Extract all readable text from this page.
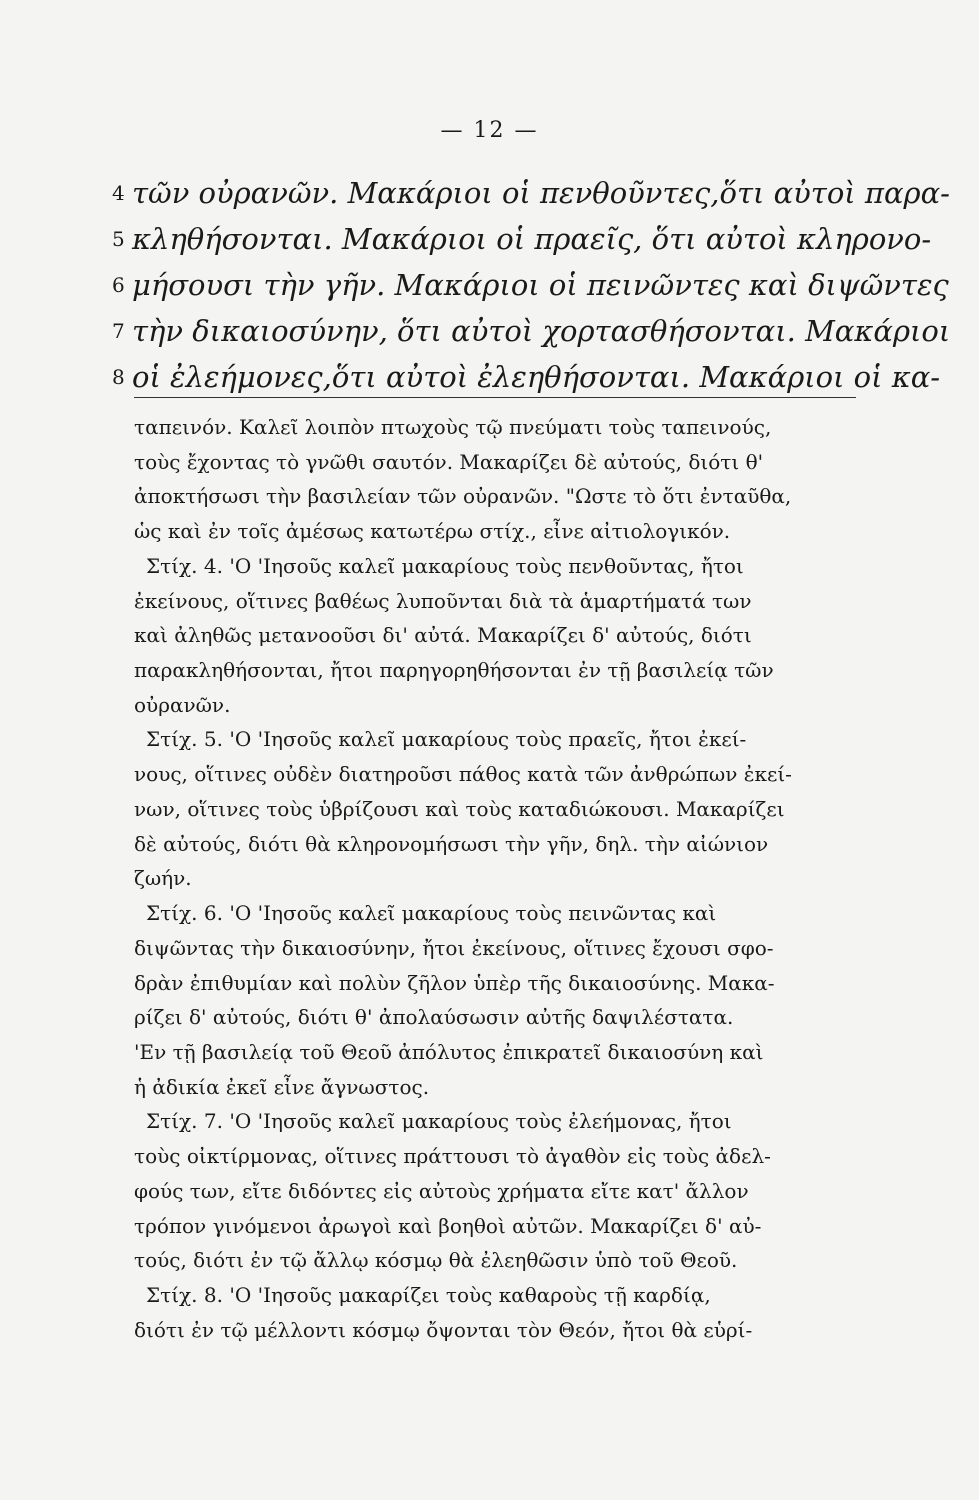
— 12 —
4 τῶν οὐρανῶν. Μακάριοι οἱ πενθοῦντες,ὅτι αὐτοὶ παρα-
5 κληθήσονται. Μακάριοι οἱ πραεῖς, ὅτι αὐτοὶ κληρονο-
6 μήσουσι τὴν γῆν. Μακάριοι οἱ πεινῶντες καὶ διψῶντες
7 τὴν δικαιοσύνην, ὅτι αὐτοὶ χορτασθήσονται. Μακάριοι
8 οἱ ἐλεήμονες,ὅτι αὐτοὶ ἐλεηθήσονται. Μακάριοι οἱ κα-
ταπεινόν. Καλεῖ λοιπὸν πτωχοὺς τῷ πνεύματι τοὺς ταπεινούς,
τοὺς ἔχοντας τὸ γνῶθι σαυτόν. Μακαρίζει δὲ αὐτούς, διότι θ'
ἀποκτήσωσι τὴν βασιλείαν τῶν οὐρανῶν. "Ωστε τὸ ὅτι ἐνταῦθα,
ὡς καὶ ἐν τοῖς ἀμέσως κατωτέρω στίχ., εἶνε αἰτιολογικόν.
Στίχ. 4. 'Ο 'Ιησοῦς καλεῖ μακαρίους τοὺς πενθοῦντας, ἤτοι
ἐκείνους, οἵτινες βαθέως λυποῦνται διὰ τὰ ἁμαρτήματά των
καὶ ἀληθῶς μετανοοῦσι δι' αὐτά. Μακαρίζει δ' αὐτούς, διότι
παρακληθήσονται, ἤτοι παρηγορηθήσονται ἐν τῇ βασιλείᾳ τῶν
οὐρανῶν.
Στίχ. 5. 'Ο 'Ιησοῦς καλεῖ μακαρίους τοὺς πραεῖς, ἤτοι ἐκεί-
νους, οἵτινες οὐδὲν διατηροῦσι πάθος κατὰ τῶν ἀνθρώπων ἐκεί-
νων, οἵτινες τοὺς ὑβρίζουσι καὶ τοὺς καταδιώκουσι. Μακαρίζει
δὲ αὐτούς, διότι θὰ κληρονομήσωσι τὴν γῆν, δηλ. τὴν αἰώνιον
ζωήν.
Στίχ. 6. 'Ο 'Ιησοῦς καλεῖ μακαρίους τοὺς πεινῶντας καὶ
διψῶντας τὴν δικαιοσύνην, ἤτοι ἐκείνους, οἵτινες ἔχουσι σφο-
δρὰν ἐπιθυμίαν καὶ πολὺν ζῆλον ὑπὲρ τῆς δικαιοσύνης. Μακα-
ρίζει δ' αὐτούς, διότι θ' ἀπολαύσωσιν αὐτῆς δαψιλέστατα.
'Εν τῇ βασιλείᾳ τοῦ Θεοῦ ἀπόλυτος ἐπικρατεῖ δικαιοσύνη καὶ
ἡ ἀδικία ἐκεῖ εἶνε ἄγνωστος.
Στίχ. 7. 'Ο 'Ιησοῦς καλεῖ μακαρίους τοὺς ἐλεήμονας, ἤτοι
τοὺς οἰκτίρμονας, οἵτινες πράττουσι τὸ ἀγαθὸν εἰς τοὺς ἀδελ-
φούς των, εἴτε διδόντες εἰς αὐτοὺς χρήματα εἴτε κατ' ἄλλον
τρόπον γινόμενοι ἀρωγοὶ καὶ βοηθοὶ αὐτῶν. Μακαρίζει δ' αὐ-
τούς, διότι ἐν τῷ ἄλλῳ κόσμῳ θὰ ἐλεηθῶσιν ὑπὸ τοῦ Θεοῦ.
Στίχ. 8. 'Ο 'Ιησοῦς μακαρίζει τοὺς καθαροὺς τῇ καρδίᾳ,
διότι ἐν τῷ μέλλοντι κόσμῳ ὄψονται τὸν Θεόν, ἤτοι θὰ εὑρί-
